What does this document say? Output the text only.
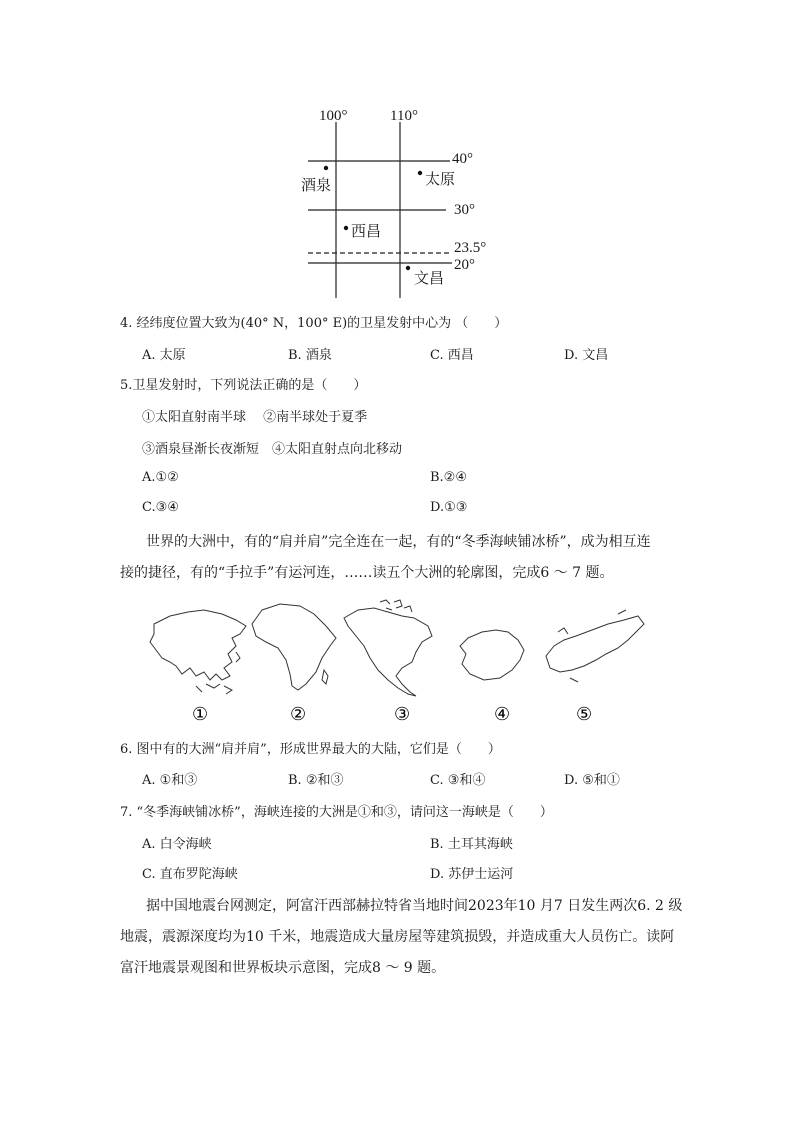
100°	110°
40°
30°
23.5°
20°
酒泉	太原
西昌
文昌
4. 经纬度位置大致为(40° N，100° E)的卫星发射中心为 （　　）
A. 太原	B. 酒泉	C. 西昌	D. 文昌
5.卫星发射时，下列说法正确的是（　　）
①太阳直射南半球　 ②南半球处于夏季
③酒泉昼渐长夜渐短　④太阳直射点向北移动
A.①②	B.②④
C.③④	D.①③
世界的大洲中，有的“肩并肩”完全连在一起，有的“冬季海峡铺冰桥”，成为相互连
接的捷径，有的“手拉手”有运河连，……读五个大洲的轮廓图，完成6 ～ 7 题。
①	②	③	④	⑤
6. 图中有的大洲“肩并肩”，形成世界最大的大陆，它们是（　　）
A. ①和③	B. ②和③	C. ③和④	D. ⑤和①
7. “冬季海峡铺冰桥”，海峡连接的大洲是①和③，请问这一海峡是（　　）
A. 白令海峡	B. 土耳其海峡
C. 直布罗陀海峡	D. 苏伊士运河
据中国地震台网测定，阿富汗西部赫拉特省当地时间2023年10 月7 日发生两次6. 2 级
地震，震源深度均为10 千米，地震造成大量房屋等建筑损毁，并造成重大人员伤亡。读阿
富汗地震景观图和世界板块示意图，完成8 ～ 9 题。
